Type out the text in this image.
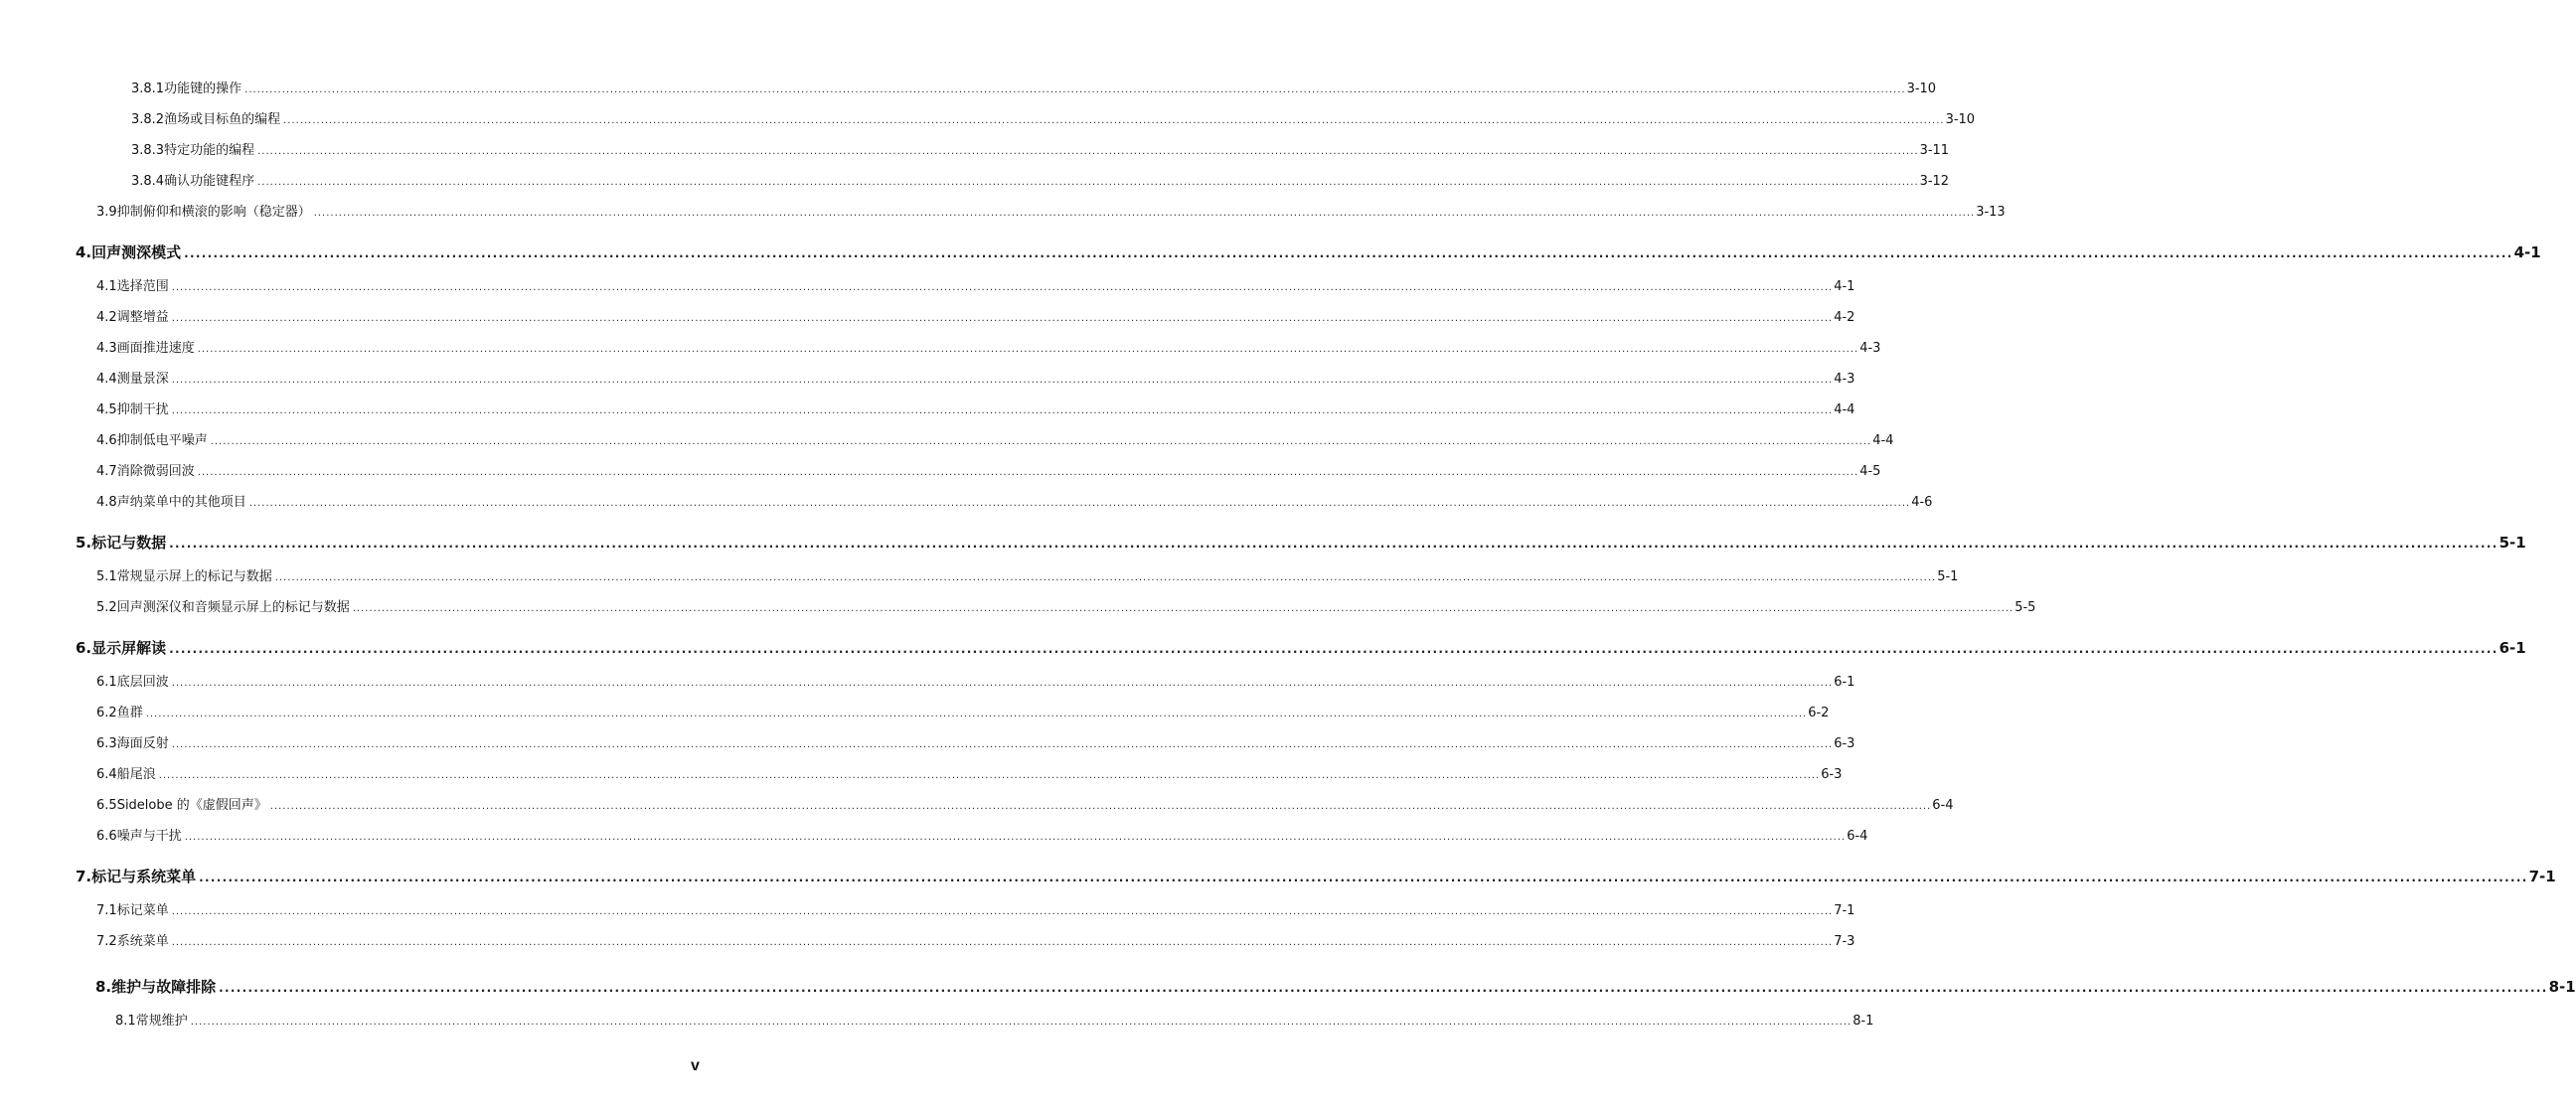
3.8.1 功能键的操作 ................................................................................................................................................................................................................................................................................................................................................................................................................ 3-10
3.8.2 渔场或目标鱼的编程 ................................................................................................................................................................................................................................................................................................................................................................................................................ 3-10
3.8.3 特定功能的编程 ................................................................................................................................................................................................................................................................................................................................................................................................................ 3-11
3.8.4 确认功能键程序 ................................................................................................................................................................................................................................................................................................................................................................................................................ 3-12
3.9 抑制俯仰和横滚的影响（稳定器） ................................................................................................................................................................................................................................................................................................................................................................................................................ 3-13
4. 回声测深模式 ................................................................................................................................................................................................................................................................................................................................................................................................................ 4-1
4.1 选择范围 ................................................................................................................................................................................................................................................................................................................................................................................................................ 4-1
4.2 调整增益 ................................................................................................................................................................................................................................................................................................................................................................................................................ 4-2
4.3 画面推进速度 ................................................................................................................................................................................................................................................................................................................................................................................................................ 4-3
4.4 测量景深 ................................................................................................................................................................................................................................................................................................................................................................................................................ 4-3
4.5 抑制干扰 ................................................................................................................................................................................................................................................................................................................................................................................................................ 4-4
4.6 抑制低电平噪声 ................................................................................................................................................................................................................................................................................................................................................................................................................ 4-4
4.7 消除微弱回波 ................................................................................................................................................................................................................................................................................................................................................................................................................ 4-5
4.8 声纳菜单中的其他项目 ................................................................................................................................................................................................................................................................................................................................................................................................................ 4-6
5. 标记与数据 ................................................................................................................................................................................................................................................................................................................................................................................................................ 5-1
5.1 常规显示屏上的标记与数据 ................................................................................................................................................................................................................................................................................................................................................................................................................ 5-1
5.2 回声测深仪和音频显示屏上的标记与数据 ................................................................................................................................................................................................................................................................................................................................................................................................................ 5-5
6. 显示屏解读 ................................................................................................................................................................................................................................................................................................................................................................................................................ 6-1
6.1 底层回波 ................................................................................................................................................................................................................................................................................................................................................................................................................ 6-1
6.2 鱼群 ................................................................................................................................................................................................................................................................................................................................................................................................................ 6-2
6.3 海面反射 ................................................................................................................................................................................................................................................................................................................................................................................................................ 6-3
6.4 船尾浪 ................................................................................................................................................................................................................................................................................................................................................................................................................ 6-3
6.5 Sidelobe 的《虚假回声》 ................................................................................................................................................................................................................................................................................................................................................................................................................ 6-4
6.6 噪声与干扰 ................................................................................................................................................................................................................................................................................................................................................................................................................ 6-4
7. 标记与系统菜单 ................................................................................................................................................................................................................................................................................................................................................................................................................ 7-1
7.1 标记菜单 ................................................................................................................................................................................................................................................................................................................................................................................................................ 7-1
7.2 系统菜单 ................................................................................................................................................................................................................................................................................................................................................................................................................ 7-3
8. 维护与故障排除 ................................................................................................................................................................................................................................................................................................................................................................................................................ 8-1
8.1 常规维护 ................................................................................................................................................................................................................................................................................................................................................................................................................ 8-1
v
